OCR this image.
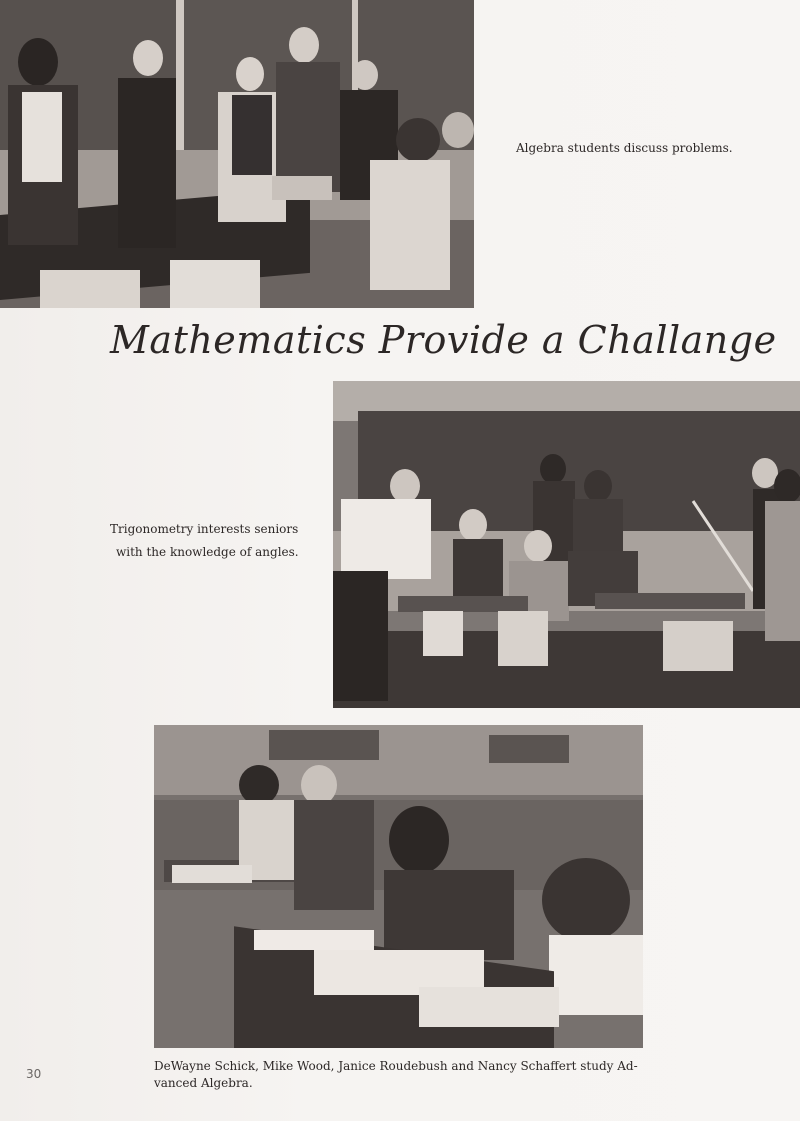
Algebra students discuss problems.
Mathematics Provide a Challange
Trigonometry interests seniors
with the knowledge of angles.
DeWayne Schick, Mike Wood, Janice Roudebush and Nancy Schaffert study Ad-
vanced Algebra.
30
